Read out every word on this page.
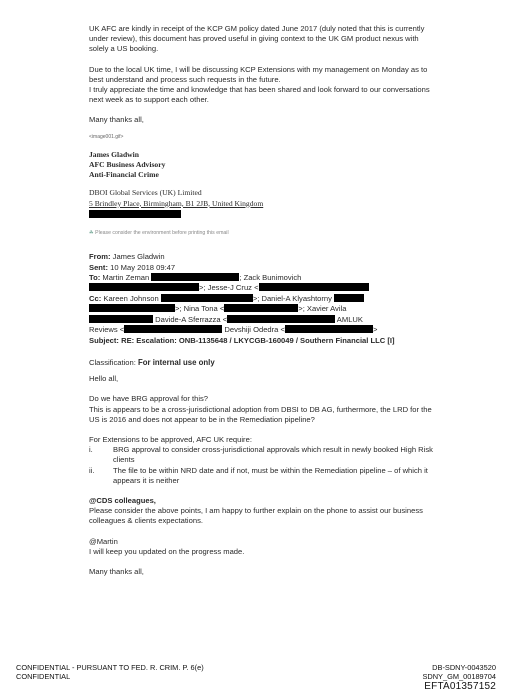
UK AFC are kindly in receipt of the KCP GM policy dated June 2017 (duly noted that this is currently under review), this document has proved useful in giving context to the UK GM product nexus with solely a US booking.
Due to the local UK time, I will be discussing KCP Extensions with my management on Monday as to best understand and process such requests in the future.
I truly appreciate the time and knowledge that has been shared and look forward to our conversations next week as to support each other.
Many thanks all,
<image001.gif>
James Gladwin
AFC Business Advisory
Anti-Financial Crime
DBOI Global Services (UK) Limited
5 Brindley Place, Birmingham, B1 2JB, United Kingdom
☘ Please consider the environment before printing this email
From: James Gladwin
Sent: 10 May 2018 09:47
To: Martin Zeman	; Zack Bunimovich
>; Jesse-J Cruz <
Cc: Kareen Johnson	>; Daniel-A Klyashtorny
>; Nina Tona <	>; Xavier Avila
Davide-A Sferrazza <	AMLUK
Reviews <	Devshiji Odedra <	>
Subject: RE: Escalation: ONB-1135648 / LKYCGB-160049 / Southern Financial LLC [I]
Classification: For internal use only
Hello all,
Do we have BRG approval for this?
This is appears to be a cross-jurisdictional adoption from DBSI to DB AG, furthermore, the LRD for the US is 2016 and does not appear to be in the Remediation pipeline?
For Extensions to be approved, AFC UK require:
i.	BRG approval to consider cross-jurisdictional approvals which result in newly booked High Risk clients
ii.	The file to be within NRD date and if not, must be within the Remediation pipeline – of which it appears it is neither
@CDS colleagues,
Please consider the above points, I am happy to further explain on the phone to assist our business colleagues & clients expectations.
@Martin
I will keep you updated on the progress made.
Many thanks all,
CONFIDENTIAL - PURSUANT TO FED. R. CRIM. P. 6(e)
CONFIDENTIAL
DB-SDNY-0043520
SDNY_GM_00189704
EFTA01357152
